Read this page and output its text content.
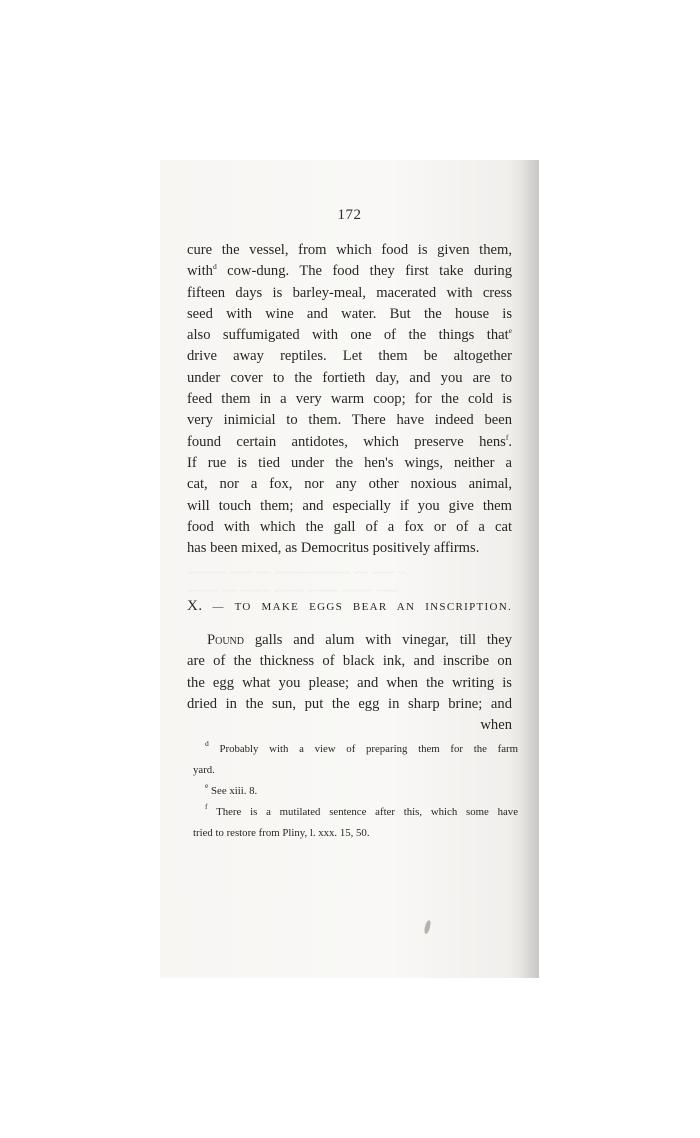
172
cure the vessel, from which food is given them,
with$^d$ cow-dung. The food they first take during
fifteen days is barley-meal, macerated with cress
seed with wine and water. But the house is
also suffumigated with one of the things that$^e$
drive away reptiles. Let them be altogether
under cover to the fortieth day, and you are to
feed them in a very warm coop; for the cold is
very inimicial to them. There have indeed been
found certain antidotes, which preserve hens$^f$.
If rue is tied under the hen's wings, neither a
cat, nor a fox, nor any other noxious animal,
will touch them; and especially if you give them
food with which the gall of a fox or of a cat
has been mixed, as Democritus positively affirms.
~ ~~~ ~~ ~~~~~~~~~~ ~~ ~~~ ~~~~~
~~~ ~~~~ ~~~~ ~~~~ ~~~~ ~~ ~~~~
X. — TO MAKE EGGS BEAR AN INSCRIPTION.
Pound galls and alum with vinegar, till they
are of the thickness of black ink, and inscribe on
the egg what you please; and when the writing is
dried in the sun, put the egg in sharp brine; and
when
$^d$ Probably with a view of preparing them for the farm
yard.
$^e$ See xiii. 8.
$^f$ There is a mutilated sentence after this, which some have
tried to restore from Pliny, l. xxx. 15, 50.
